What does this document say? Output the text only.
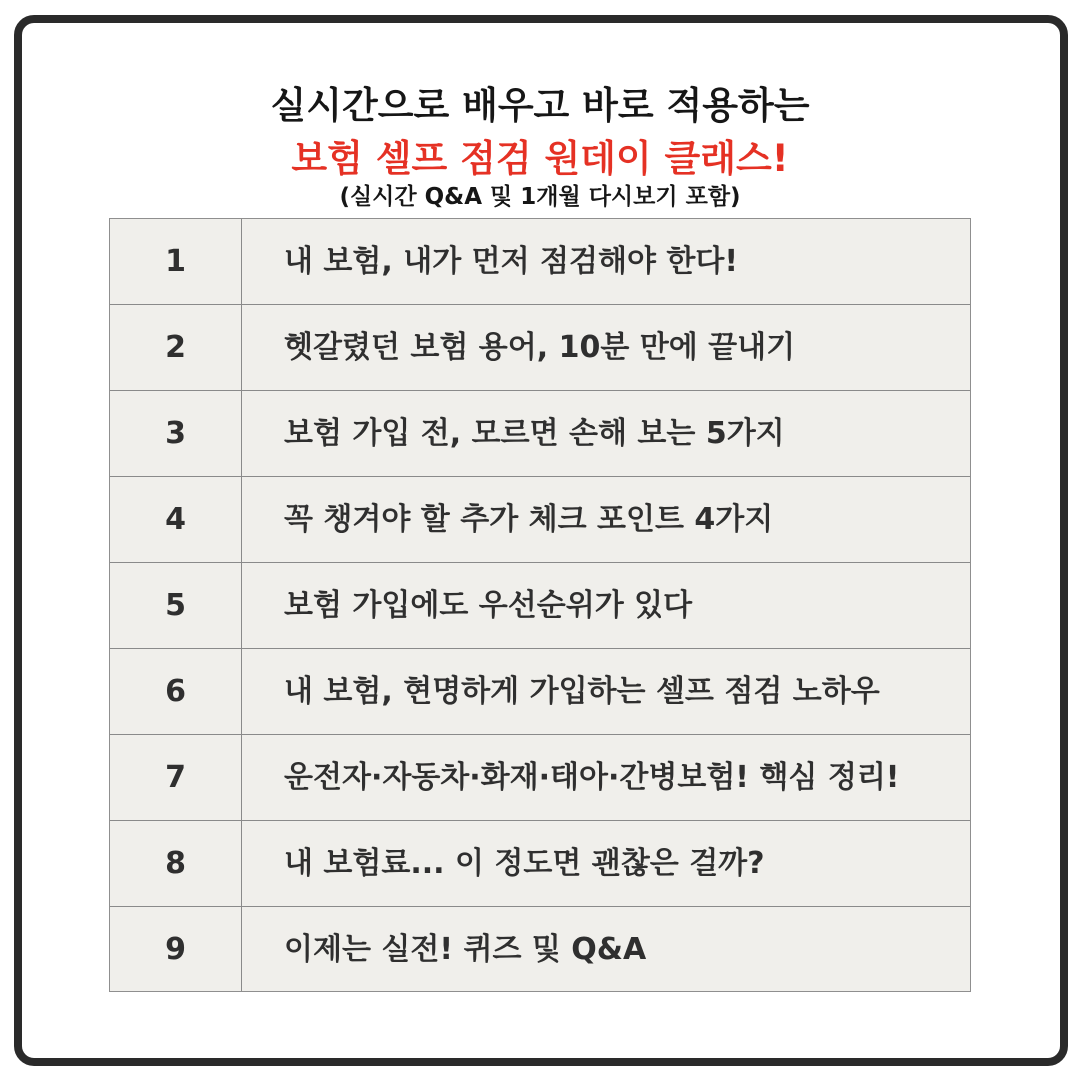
실시간으로 배우고 바로 적용하는
보험 셀프 점검 원데이 클래스!
(실시간 Q&A 및 1개월 다시보기 포함)
1	내 보험, 내가 먼저 점검해야 한다!
2	헷갈렸던 보험 용어, 10분 만에 끝내기
3	보험 가입 전, 모르면 손해 보는 5가지
4	꼭 챙겨야 할 추가 체크 포인트 4가지
5	보험 가입에도 우선순위가 있다
6	내 보험, 현명하게 가입하는 셀프 점검 노하우
7	운전자·자동차·화재·태아·간병보험! 핵심 정리!
8	내 보험료... 이 정도면 괜찮은 걸까?
9	이제는 실전! 퀴즈 및 Q&A
